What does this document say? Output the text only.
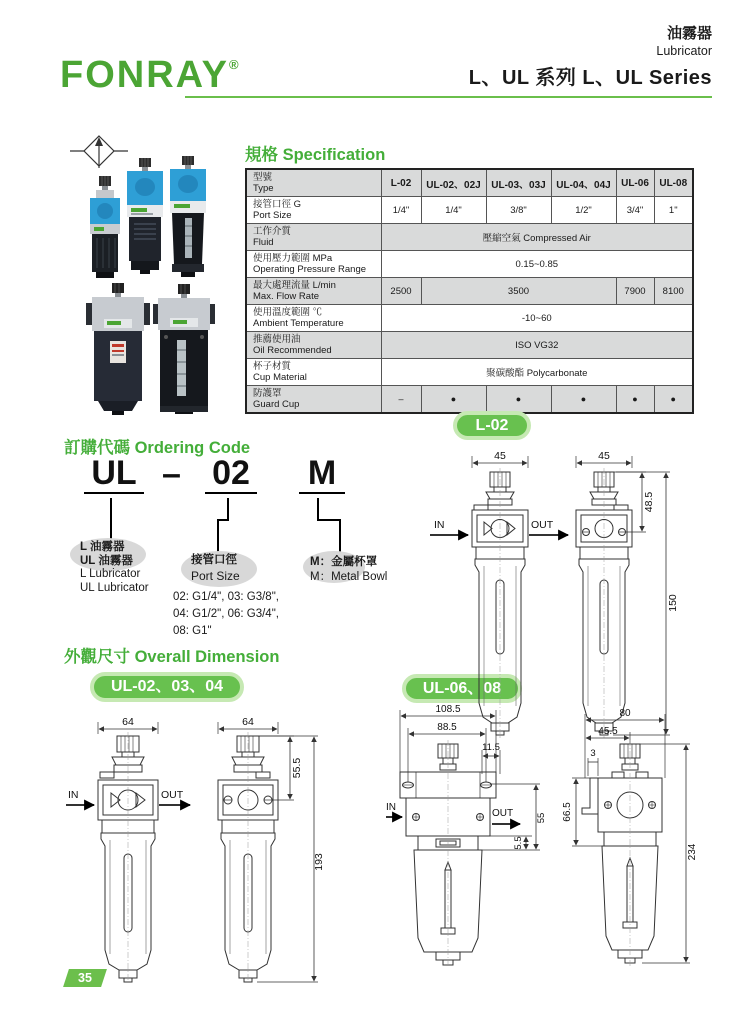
FONRAY®
油霧器
Lubricator
L、UL 系列 L、UL Series
規格 Specification
型號
Type	L-02	UL-02、02J	UL-03、03J	UL-04、04J	UL-06	UL-08

接管口徑 G
Port Size	1/4"	1/4"	3/8"	1/2"	3/4"	1"

工作介質
Fluid	壓縮空氣 Compressed Air					

使用壓力範圍 MPa
Operating Pressure Range	0.15~0.85					

最大處理流量 L/min
Max. Flow Rate	2500	3500			7900	8100

使用溫度範圍 ℃
Ambient Temperature	-10~60					

推薦使用油
Oil Recommended	ISO VG32					

杯子材質
Cup Material	聚碳酸酯 Polycarbonate					

防護罩
Guard Cup	–	●	●	●	●	●
訂購代碼 Ordering Code
UL – 02 M
L 油霧器
UL 油霧器
L Lubricator
UL Lubricator
接管口徑
Port Size
02: G1/4", 03: G3/8",
04: G1/2", 06: G3/4",
08: G1"
M：金屬杯罩
M：Metal Bowl
L-02
UL-02、03、04	UL-06、08
外觀尺寸 Overall Dimension
45	45
IN	OUT
48.5
150
64	64
IN	OUT
55.5
193
108.5
88.5
11.5
IN
OUT
5.5
55
80
45.5
3
66.5
234
35
